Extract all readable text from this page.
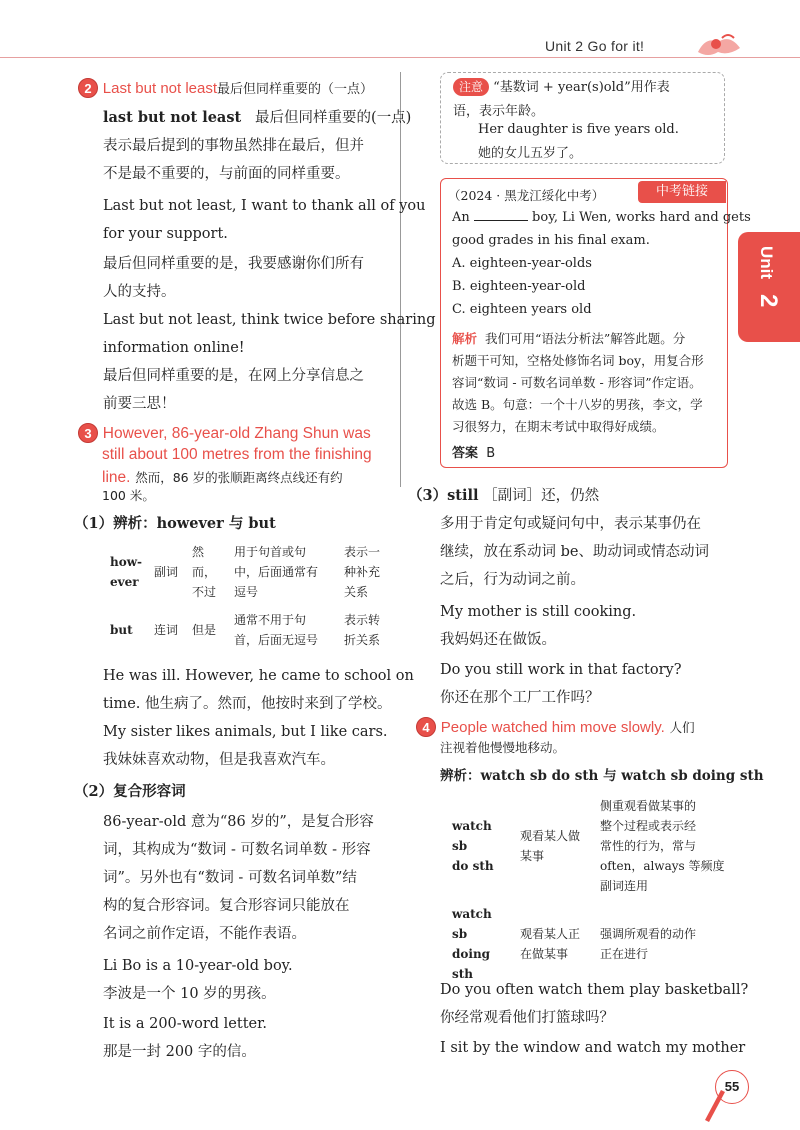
Unit 2 Go for it!
Unit
2
2 Last but not least最后但同样重要的（一点）
last but not least 最后但同样重要的(一点)
表示最后提到的事物虽然排在最后，但并
不是最不重要的，与前面的同样重要。
Last but not least, I want to thank all of you
for your support.
最后但同样重要的是，我要感谢你们所有
人的支持。
Last but not least, think twice before sharing
information online!
最后但同样重要的是，在网上分享信息之
前要三思！
3 However, 86-year-old Zhang Shun was
still about 100 metres from the finishing
line. 然而，86 岁的张顺距离终点线还有约
100 米。
（1）辨析：however 与 but
how-
ever	副词	然而，
不过	用于句首或句
中，后面通常有
逗号	表示一
种补充
关系
but	连词	但是	通常不用于句
首，后面无逗号	表示转
折关系
He was ill. However, he came to school on
time. 他生病了。然而，他按时来到了学校。
My sister likes animals, but I like cars.
我妹妹喜欢动物，但是我喜欢汽车。
（2）复合形容词
86-year-old 意为“86 岁的”，是复合形容
词，其构成为“数词 - 可数名词单数 - 形容
词”。另外也有“数词 - 可数名词单数”结
构的复合形容词。复合形容词只能放在
名词之前作定语，不能作表语。
Li Bo is a 10-year-old boy.
李波是一个 10 岁的男孩。
It is a 200-word letter.
那是一封 200 字的信。
注意 “基数词 + year(s)old”用作表
语，表示年龄。
Her daughter is five years old.
她的女儿五岁了。
中考链接
（2024 · 黑龙江绥化中考）
An	boy, Li Wen, works hard and gets
good grades in his final exam.
A. eighteen-year-olds
B. eighteen-year-old
C. eighteen years old
解析 我们可用“语法分析法”解答此题。分
析题干可知，空格处修饰名词 boy，用复合形
容词“数词 - 可数名词单数 - 形容词”作定语。
故选 B。句意：一个十八岁的男孩，李文，学
习很努力，在期末考试中取得好成绩。
答案 B
（3）still ［副词］还，仍然
多用于肯定句或疑问句中，表示某事仍在
继续，放在系动词 be、助动词或情态动词
之后，行为动词之前。
My mother is still cooking.
我妈妈还在做饭。
Do you still work in that factory?
你还在那个工厂工作吗？
4 People watched him move slowly. 人们
注视着他慢慢地移动。
辨析：watch sb do sth 与 watch sb doing sth
watch sb
do sth	观看某人做
某事	侧重观看做某事的
整个过程或表示经
常性的行为，常与
often，always 等频度
副词连用
watch sb
doing sth	观看某人正
在做某事	强调所观看的动作
正在进行
Do you often watch them play basketball?
你经常观看他们打篮球吗？
I sit by the window and watch my mother
55
